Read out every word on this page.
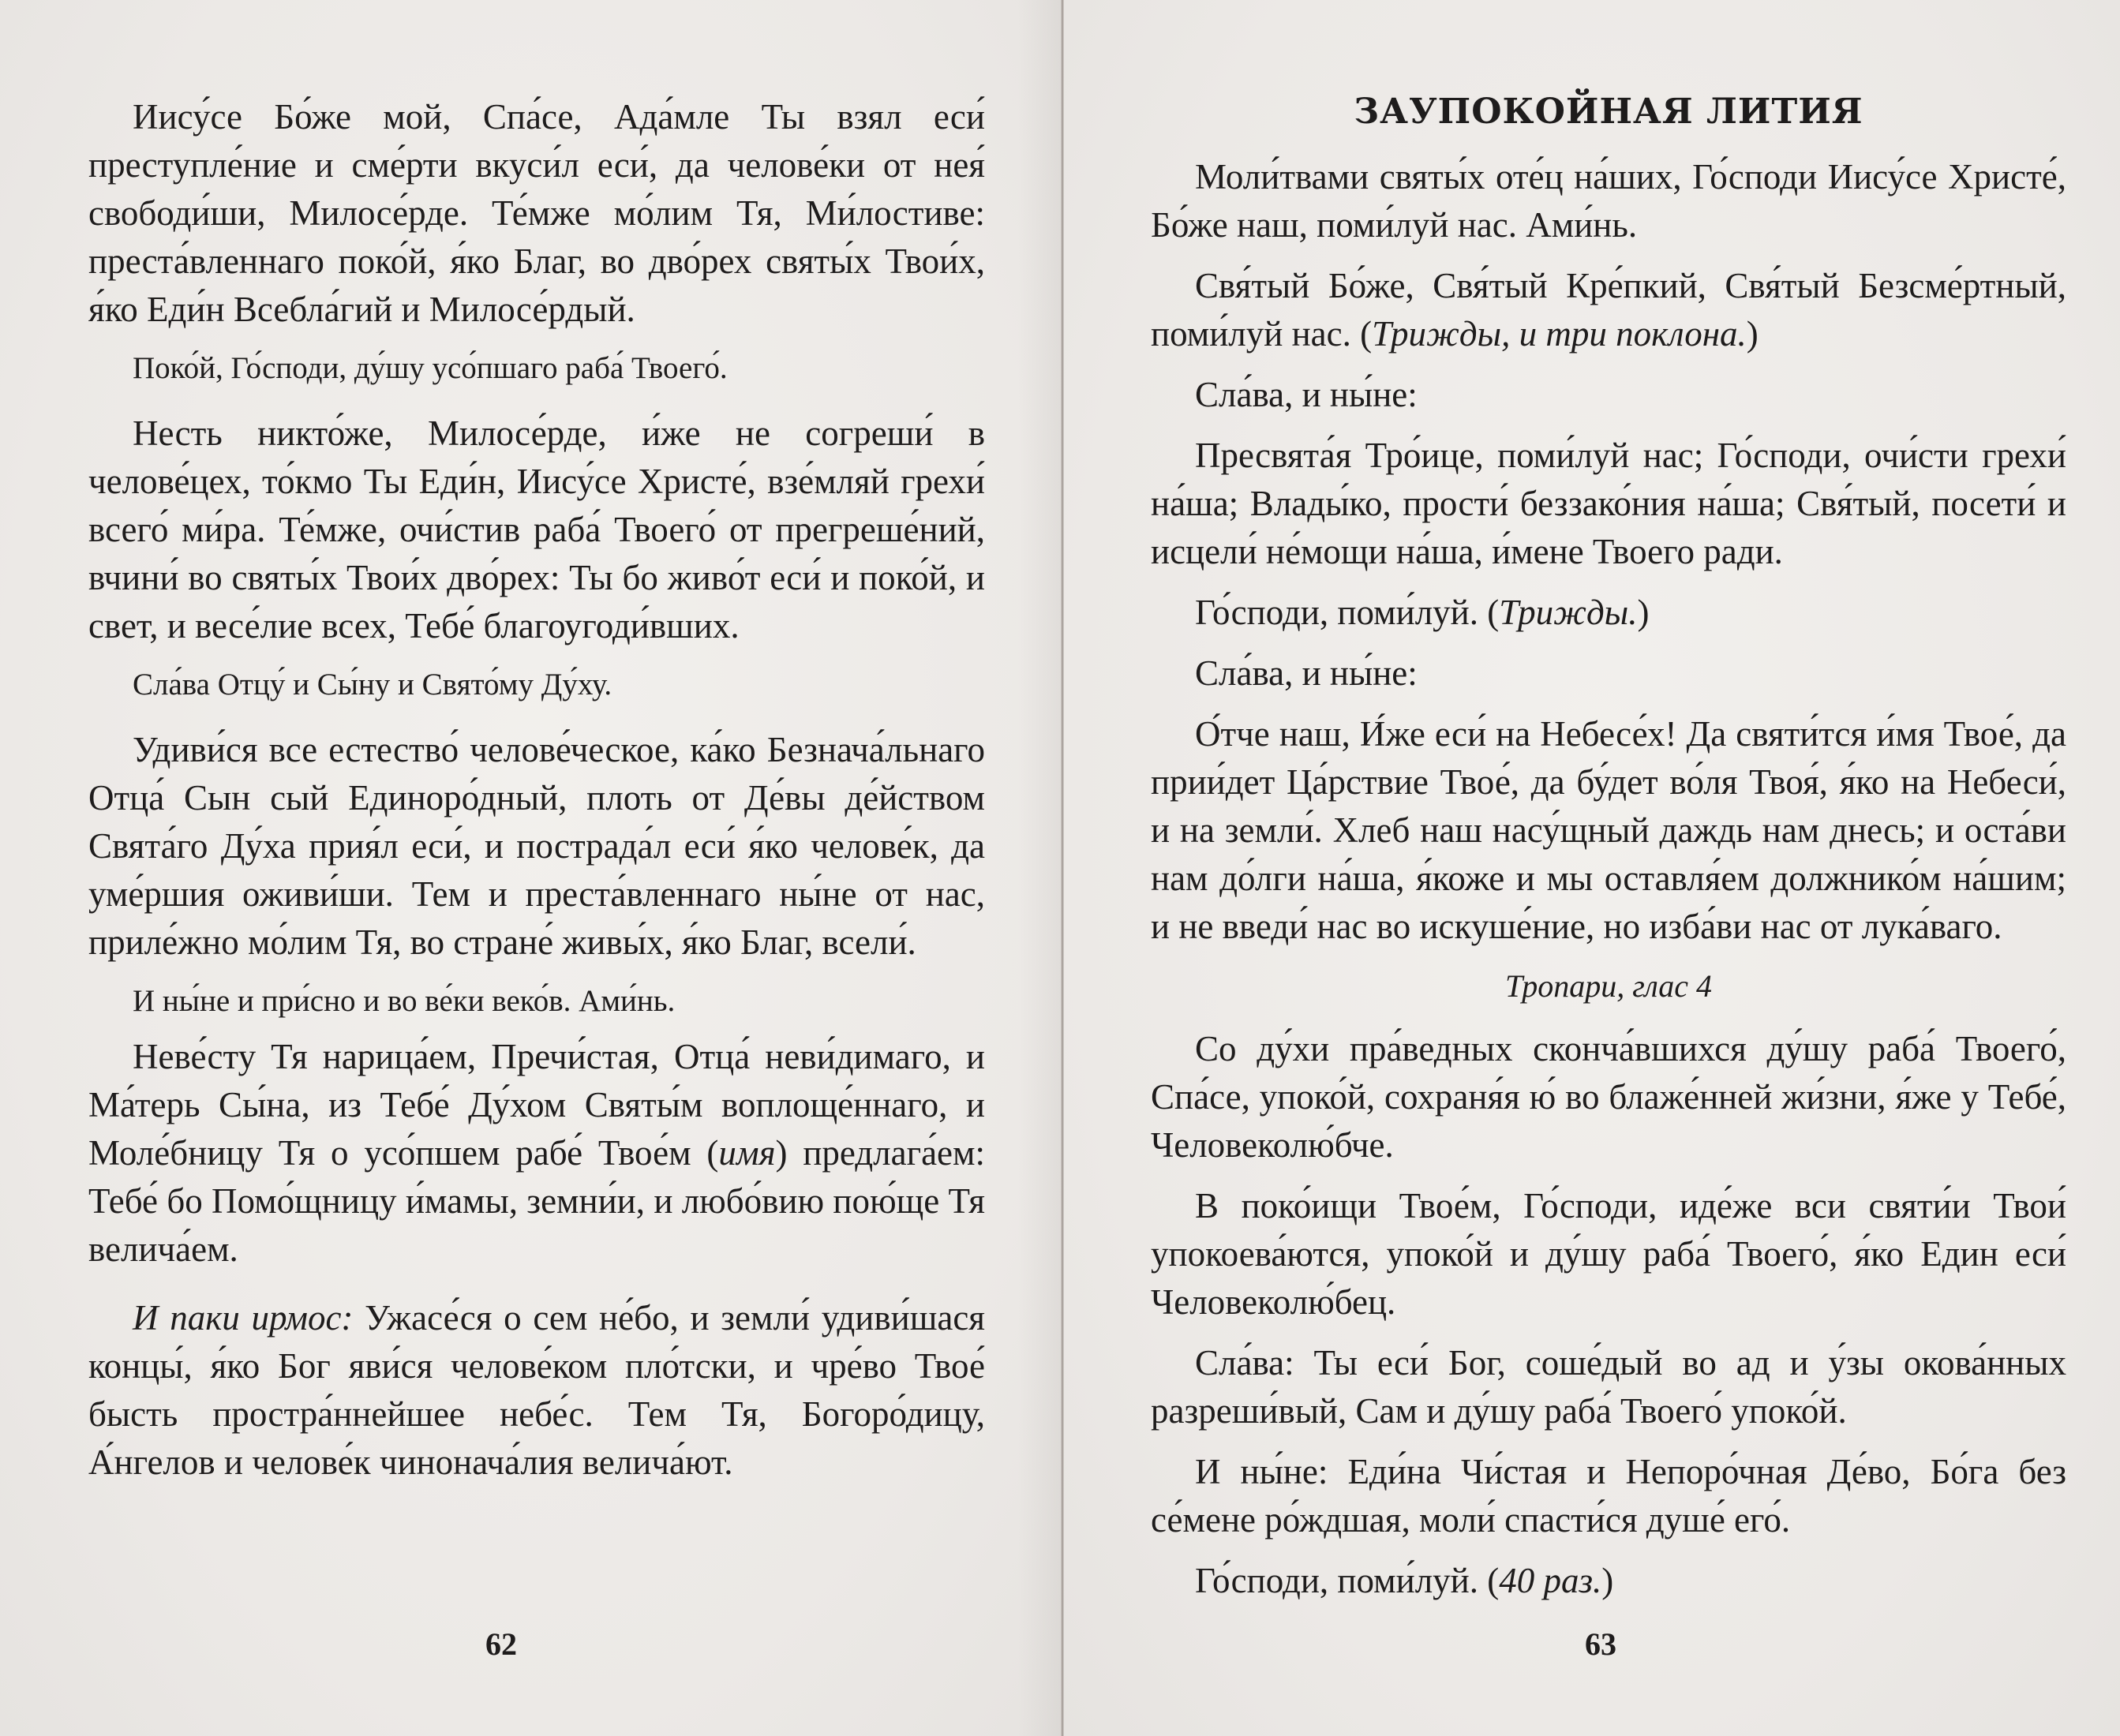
Иису́се Бо́же мой, Спа́се, Ада́мле Ты взял еси́ преступле́ние и сме́рти вкуси́л еси́, да челове́ки от нея́ свободи́ши, Милосе́рде. Те́мже мо́лим Тя, Ми́лостиве: преста́вленнаго поко́й, я́ко Благ, во дво́рех святы́х Твои́х, я́ко Еди́н Всебла́гий и Милосе́рдый.

Поко́й, Го́споди, ду́шу усо́пшаго раба́ Твоего́.

Несть никто́же, Милосе́рде, и́же не согреши́ в челове́цех, то́кмо Ты Еди́н, Иису́се Христе́, взе́мляй грехи́ всего́ ми́ра. Те́мже, очи́стив раба́ Твоего́ от прегреше́ний, вчини́ во святы́х Твои́х дво́рех: Ты бо живо́т еси́ и поко́й, и свет, и весе́лие всех, Тебе́ благоугоди́вших.

Сла́ва Отцу́ и Сы́ну и Свято́му Ду́ху.

Удиви́ся все естество́ челове́ческое, ка́ко Безнача́льнаго Отца́ Сын сый Единоро́дный, плоть от Де́вы де́йством Свята́го Ду́ха прия́л еси́, и пострада́л еси́ я́ко челове́к, да уме́ршия оживи́ши. Тем и преста́вленнаго ны́не от нас, приле́жно мо́лим Тя, во стране́ живы́х, я́ко Благ, всели́.

И ны́не и при́сно и во ве́ки веко́в. Ами́нь.

Неве́сту Тя нарица́ем, Пречи́стая, Отца́ неви́димаго, и Ма́терь Сы́на, из Тебе́ Ду́хом Святы́м воплоще́ннаго, и Моле́бницу Тя о усо́пшем рабе́ Твое́м (имя) предлага́ем: Тебе́ бо Помо́щницу и́мамы, земни́и, и любо́вию пою́ще Тя велича́ем.

И паки ирмос: Ужасе́ся о сем не́бо, и земли́ удиви́шася концы́, я́ко Бог яви́ся челове́ком пло́тски, и чре́во Твое́ бысть простра́ннейшее небе́с. Тем Тя, Богоро́дицу, А́нгелов и челове́к чинонача́лия велича́ют.

62

ЗАУПОКОЙНАЯ ЛИТИЯ

Моли́твами святы́х оте́ц на́ших, Го́споди Иису́се Христе́, Бо́же наш, поми́луй нас. Ами́нь.

Свя́тый Бо́же, Свя́тый Кре́пкий, Свя́тый Безсме́ртный, поми́луй нас. (Трижды, и три поклона.)

Сла́ва, и ны́не:

Пресвята́я Тро́ице, поми́луй нас; Го́споди, очи́сти грехи́ на́ша; Влады́ко, прости́ беззако́ния на́ша; Свя́тый, посети́ и исцели́ не́мощи на́ша, и́мене Твоего ради.

Го́споди, поми́луй. (Трижды.)

Сла́ва, и ны́не:

О́тче наш, И́же еси́ на Небесе́х! Да святи́тся и́мя Твое́, да прии́дет Ца́рствие Твое́, да бу́дет во́ля Твоя́, я́ко на Небеси́, и на земли́. Хлеб наш насу́щный даждь нам днесь; и оста́ви нам до́лги на́ша, я́коже и мы оставля́ем должнико́м на́шим; и не введи́ нас во искуше́ние, но изба́ви нас от лука́ваго.

Тропари, глас 4

Со ду́хи пра́ведных сконча́вшихся ду́шу раба́ Твоего́, Спа́се, упоко́й, сохраня́я ю́ во блаже́нней жи́зни, я́же у Тебе́, Человеколю́бче.

В поко́ищи Твое́м, Го́споди, иде́же вси святи́и Твои́ упокоева́ются, упоко́й и ду́шу раба́ Твоего́, я́ко Един еси́ Человеколю́бец.

Сла́ва: Ты еси́ Бог, соше́дый во ад и у́зы окова́нных разреши́вый, Сам и ду́шу раба́ Твоего́ упоко́й.

И ны́не: Еди́на Чи́стая и Непоро́чная Де́во, Бо́га без се́мене ро́ждшая, моли́ спасти́ся душе́ его́.

Го́споди, поми́луй. (40 раз.)

63
